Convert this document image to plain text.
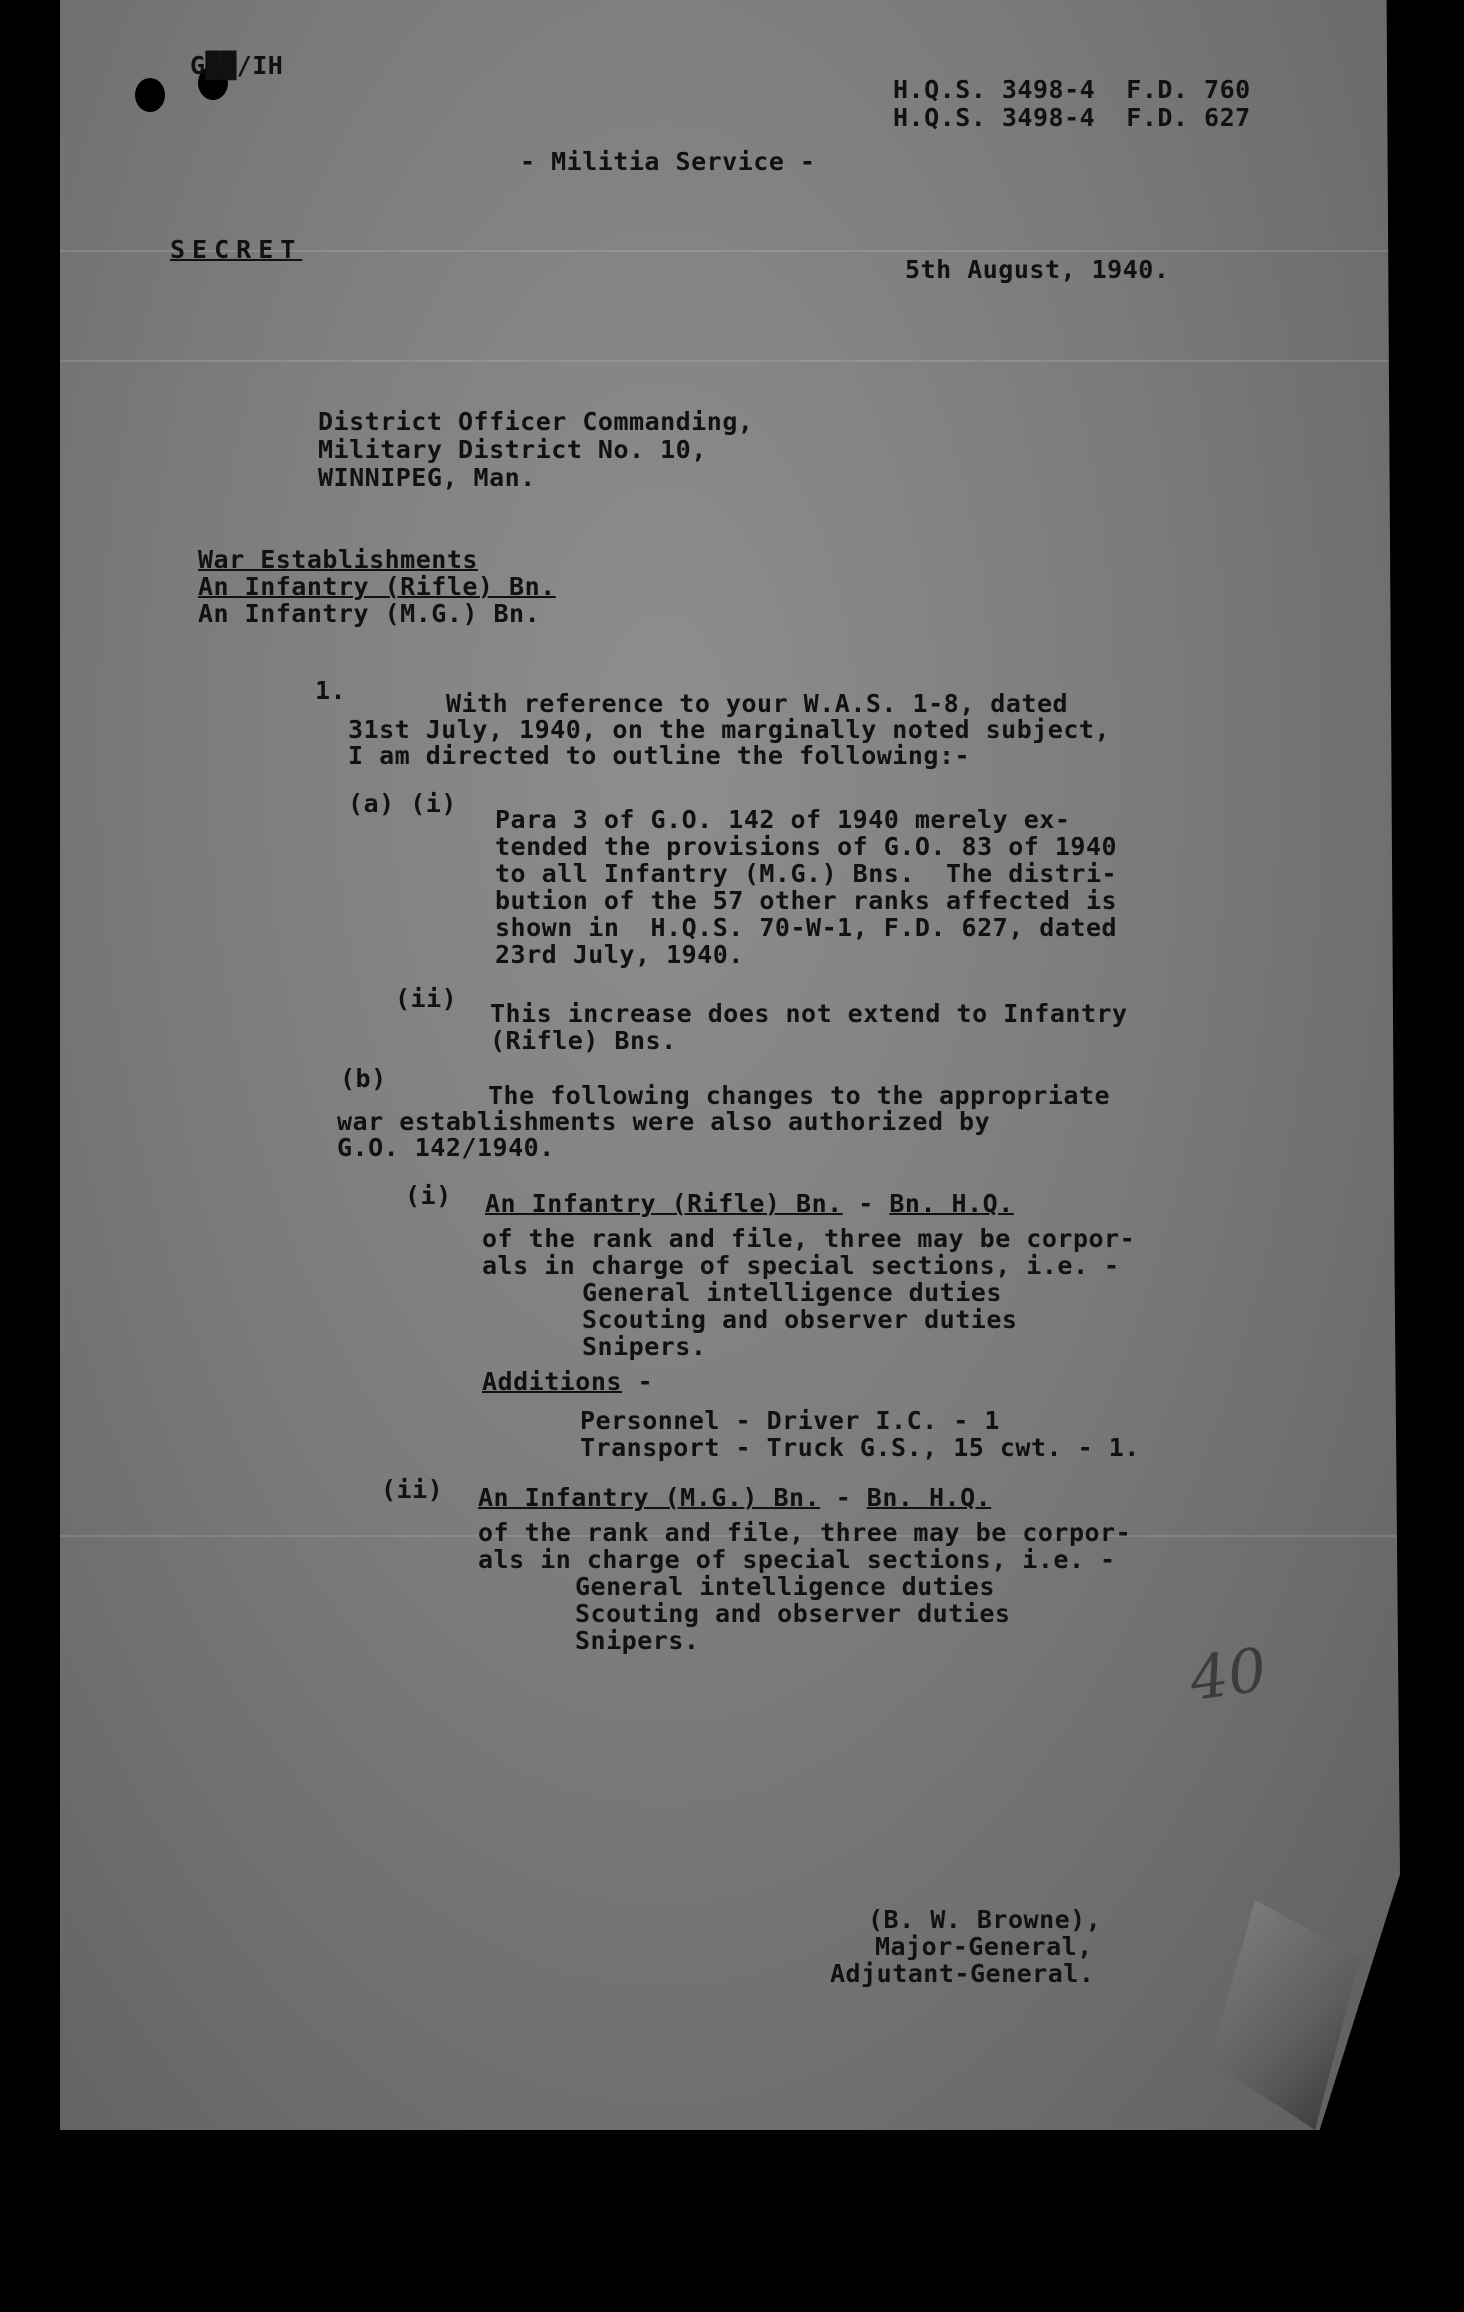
G██/IH
H.Q.S. 3498-4  F.D. 760
H.Q.S. 3498-4  F.D. 627
- Militia Service -
SECRET
5th August, 1940.
District Officer Commanding,
Military District No. 10,
WINNIPEG, Man.
War Establishments
An Infantry (Rifle) Bn.
An Infantry (M.G.) Bn.
1.	With reference to your W.A.S. 1-8, dated
31st July, 1940, on the marginally noted subject,
I am directed to outline the following:-
(a) (i)
Para 3 of G.O. 142 of 1940 merely ex-
tended the provisions of G.O. 83 of 1940
to all Infantry (M.G.) Bns.  The distri-
bution of the 57 other ranks affected is
shown in  H.Q.S. 70-W-1, F.D. 627, dated
23rd July, 1940.
(ii)
This increase does not extend to Infantry
(Rifle) Bns.
(b)
The following changes to the appropriate
war establishments were also authorized by
G.O. 142/1940.
(i) An Infantry (Rifle) Bn. - Bn. H.Q.
of the rank and file, three may be corpor-
als in charge of special sections, i.e. -
General intelligence duties
Scouting and observer duties
Snipers.
Additions -
Personnel - Driver I.C. - 1
Transport - Truck G.S., 15 cwt. - 1.
(ii) An Infantry (M.G.) Bn. - Bn. H.Q.
of the rank and file, three may be corpor-
als in charge of special sections, i.e. -
General intelligence duties
Scouting and observer duties
Snipers.	40
(B. W. Browne),
Major-General,
Adjutant-General.
